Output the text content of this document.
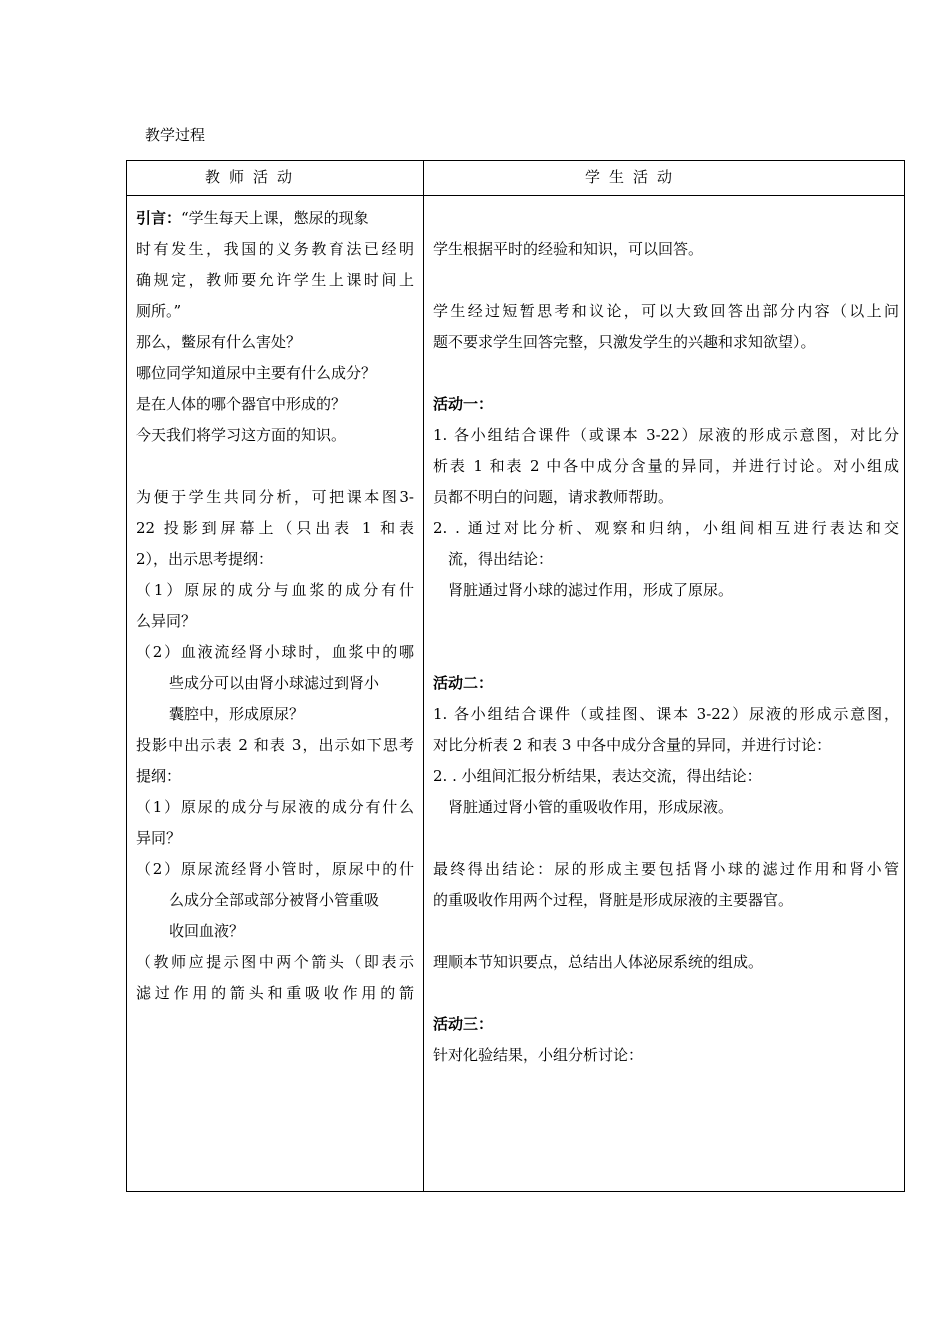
教学过程
教师活动	学生活动
引言：“学生每天上课，憋尿的现象
时有发生，我国的义务教育法已经明
确规定，教师要允许学生上课时间上
厕所。”
那么，鳖尿有什么害处？
哪位同学知道尿中主要有什么成分？
是在人体的哪个器官中形成的？
今天我们将学习这方面的知识。
为便于学生共同分析，可把课本图3-
22 投影到屏幕上（只出表 1 和表
2），出示思考提纲：
（1）原尿的成分与血浆的成分有什
么异同？
（2）血液流经肾小球时，血浆中的哪
些成分可以由肾小球滤过到肾小
囊腔中，形成原尿？
投影中出示表 2 和表 3，出示如下思考
提纲：
（1）原尿的成分与尿液的成分有什么
异同？
（2）原尿流经肾小管时，原尿中的什
么成分全部或部分被肾小管重吸
收回血液？
（教师应提示图中两个箭头（即表示
滤过作用的箭头和重吸收作用的箭
学生根据平时的经验和知识，可以回答。
学生经过短暂思考和议论，可以大致回答出部分内容（以上问
题不要求学生回答完整，只激发学生的兴趣和求知欲望）。
活动一：
1. 各小组结合课件（或课本 3-22）尿液的形成示意图，对比分
析表 1 和表 2 中各中成分含量的异同，并进行讨论。对小组成
员都不明白的问题，请求教师帮助。
2. . 通过对比分析、观察和归纳，小组间相互进行表达和交
流，得出结论：
肾脏通过肾小球的滤过作用，形成了原尿。
活动二：
1. 各小组结合课件（或挂图、课本 3-22）尿液的形成示意图，
对比分析表 2 和表 3 中各中成分含量的异同，并进行讨论：
2. . 小组间汇报分析结果，表达交流，得出结论：
肾脏通过肾小管的重吸收作用，形成尿液。
最终得出结论：尿的形成主要包括肾小球的滤过作用和肾小管
的重吸收作用两个过程，肾脏是形成尿液的主要器官。
理顺本节知识要点，总结出人体泌尿系统的组成。
活动三：
针对化验结果，小组分析讨论：
